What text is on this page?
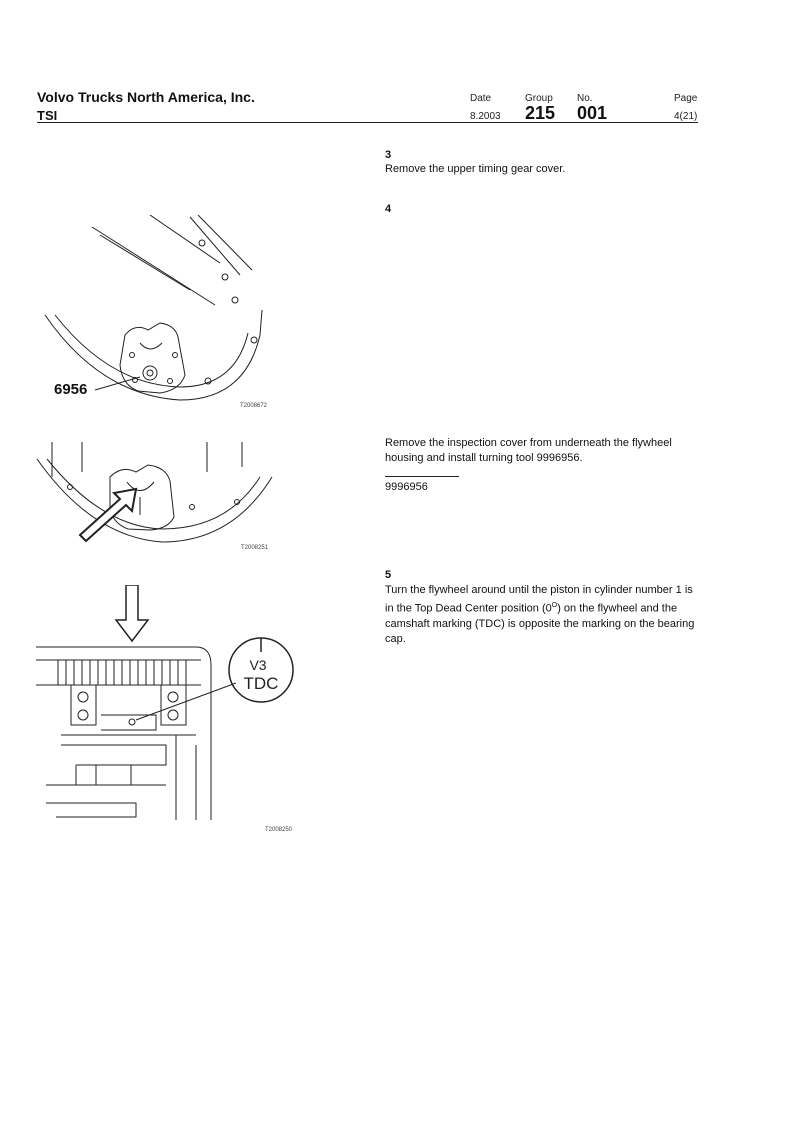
Volvo Trucks North America, Inc.
TSI
Date
8.2003
Group
215
No.
001
Page
4(21)
3
Remove the upper timing gear cover.
4
Remove the inspection cover from underneath the flywheel housing and install turning tool 9996956.
9996956
5
Turn the flywheel around until the piston in cylinder number 1 is in the Top Dead Center position $(0^O)$ on the flywheel and the camshaft marking (TDC) is opposite the marking on the bearing cap.
6956
T2008672
T2008251
V3
TDC
T2008250
